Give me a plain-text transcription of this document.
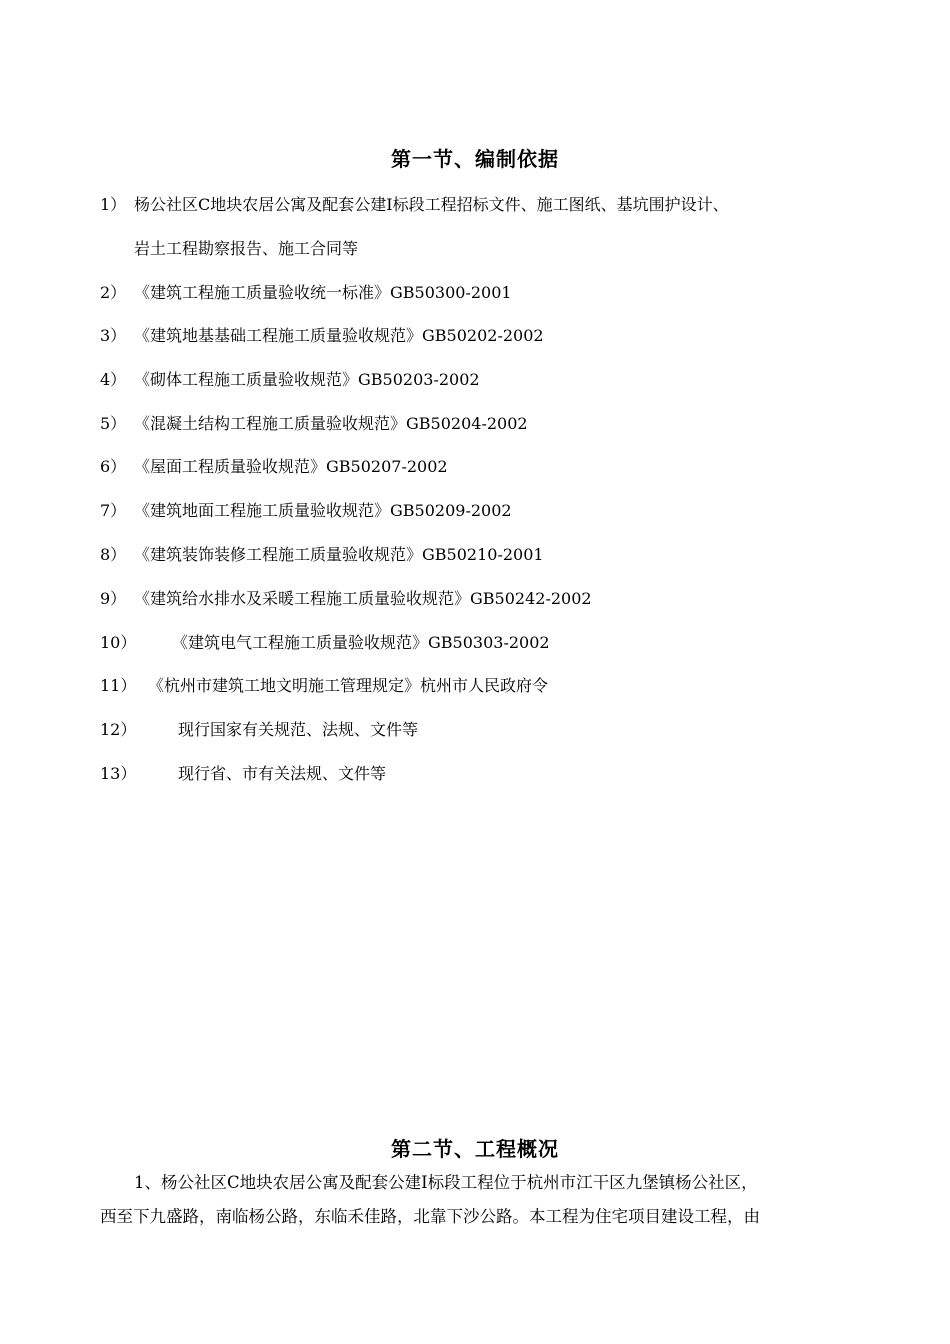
第一节、编制依据
1） 杨公社区C地块农居公寓及配套公建Ⅰ标段工程招标文件、施工图纸、基坑围护设计、
岩土工程勘察报告、施工合同等
2） 《建筑工程施工质量验收统一标准》GB50300-2001
3） 《建筑地基基础工程施工质量验收规范》GB50202-2002
4） 《砌体工程施工质量验收规范》GB50203-2002
5） 《混凝土结构工程施工质量验收规范》GB50204-2002
6） 《屋面工程质量验收规范》GB50207-2002
7） 《建筑地面工程施工质量验收规范》GB50209-2002
8） 《建筑装饰装修工程施工质量验收规范》GB50210-2001
9） 《建筑给水排水及采暖工程施工质量验收规范》GB50242-2002
10） 《建筑电气工程施工质量验收规范》GB50303-2002
11） 《杭州市建筑工地文明施工管理规定》杭州市人民政府令
12）	现行国家有关规范、法规、文件等
13）	现行省、市有关法规、文件等
第二节、工程概况
1、杨公社区C地块农居公寓及配套公建Ⅰ标段工程位于杭州市江干区九堡镇杨公社区，
西至下九盛路，南临杨公路，东临禾佳路，北靠下沙公路。本工程为住宅项目建设工程，由
